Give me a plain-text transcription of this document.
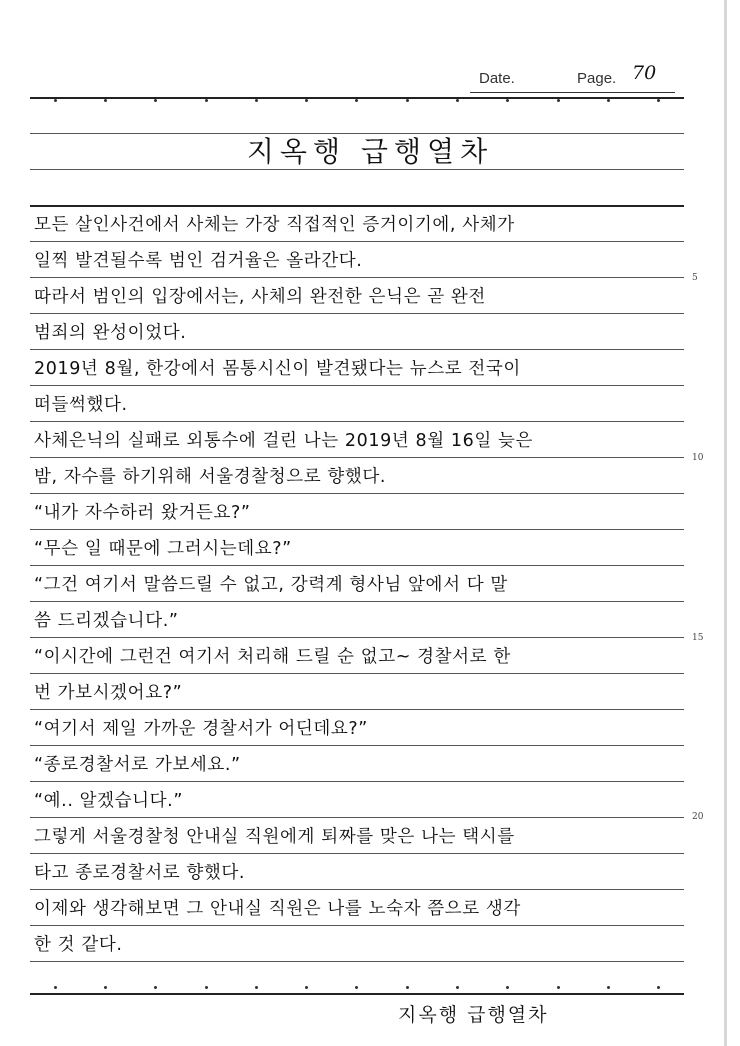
Date.	Page. 70
지옥행 급행열차
모든 살인사건에서 사체는 가장 직접적인 증거이기에, 사체가
일찍 발견될수록 범인 검거율은 올라간다.
따라서 범인의 입장에서는, 사체의 완전한 은닉은 곧 완전
범죄의 완성이었다.
2019년 8월, 한강에서 몸통시신이 발견됐다는 뉴스로 전국이
떠들썩했다.
사체은닉의 실패로 외통수에 걸린 나는 2019년 8월 16일 늦은
밤, 자수를 하기위해 서울경찰청으로 향했다.
“내가 자수하러 왔거든요?”
“무슨 일 때문에 그러시는데요?”
“그건 여기서 말씀드릴 수 없고, 강력계 형사님 앞에서 다 말
씀 드리겠습니다.”
“이시간에 그런건 여기서 처리해 드릴 순 없고~ 경찰서로 한
번 가보시겠어요?”
“여기서 제일 가까운 경찰서가 어딘데요?”
“종로경찰서로 가보세요.”
“예.. 알겠습니다.”
그렇게 서울경찰청 안내실 직원에게 퇴짜를 맞은 나는 택시를
타고 종로경찰서로 향했다.
이제와 생각해보면 그 안내실 직원은 나를 노숙자 쯤으로 생각
한 것 같다.
5
10
15
20
지옥행 급행열차
